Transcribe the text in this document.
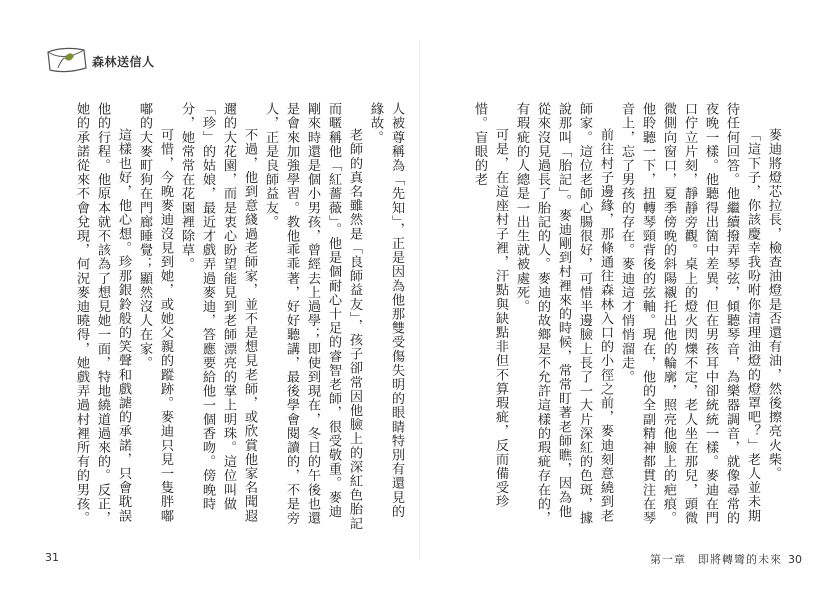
森林送信人

人被尊稱為「先知」，正是因為他那雙受傷失明的眼睛特別有還見的緣故。

老師的真名雖然是「良師益友」，孩子卻常因他臉上的深紅色胎記而暱稱他「紅薔薇」。他是個耐心十足的睿智老師，很受敬重。麥迪剛來時還是個小男孩，曾經去上過學；即使到現在，冬日的午後也還是會來加強學習。教他乖乖著，好好聽講，最後學會閱讀的，不是旁人，正是良師益友。

不過，他到意綫過老師家，並不是想見老師，或欣賞他家名聞遐邇的大花園，而是衷心盼望能見到老師漂亮的掌上明珠。這位叫做「珍」的姑娘，最近才戲弄過麥迪，答應要給他一個香吻。傍晚時分，她常常在花園裡除草。

可惜，今晚麥迪沒見到她，或她父親的蹤跡。麥迪只見一隻胖嘟嘟的大麥町狗在門廊睡覺；顯然沒人在家。

這樣也好，他心想。珍那銀鈴般的笑聲和戲謔的承諾，只會耽誤他的行程。他原本就不該為了想見她一面，特地繞道過來的。反正，她的承諾從來不會兌現，何況麥迪曉得，她戲弄過村裡所有的男孩。	麥迪將燈芯拉長，檢查油燈是否還有油，然後擦亮火柴。

「這下子，你該慶幸我吩咐你清理油燈的燈罩吧？」老人並未期待任何回答。他繼續撥弄琴弦，傾聽琴音，為樂器調音，就像尋常的夜晚一樣。他聽得出箇中差異，但在男孩耳中卻統統一樣。麥迪在門口佇立片刻，靜靜旁觀。桌上的燈火閃爍不定，老人坐在那兒，頭微微側向窗口，夏季傍晚的斜陽襯托出他的輪廓，照亮他臉上的疤痕。他聆聽一下，扭轉琴頸背後的弦軸。現在，他的全副精神都貫注在琴音上，忘了男孩的存在。麥迪這才悄悄溜走。

前往村子邊緣，那條通往森林入口的小徑之前，麥迪刻意繞到老師家。這位老師心腸很好，可惜半邊臉上長了一大片深紅的色斑，據說那叫「胎記」。麥迪剛到村裡來的時候，常常盯著老師瞧，因為他從來沒見過長了胎記的人。麥迪的故鄉是不允許這樣的瑕疵存在的，有瑕疵的人總是一出生就被處死。

可是，在這座村子裡，汗點與缺點非但不算瑕疵，反而備受珍惜。盲眼的老

31	第一章　即將轉彎的未來 30
